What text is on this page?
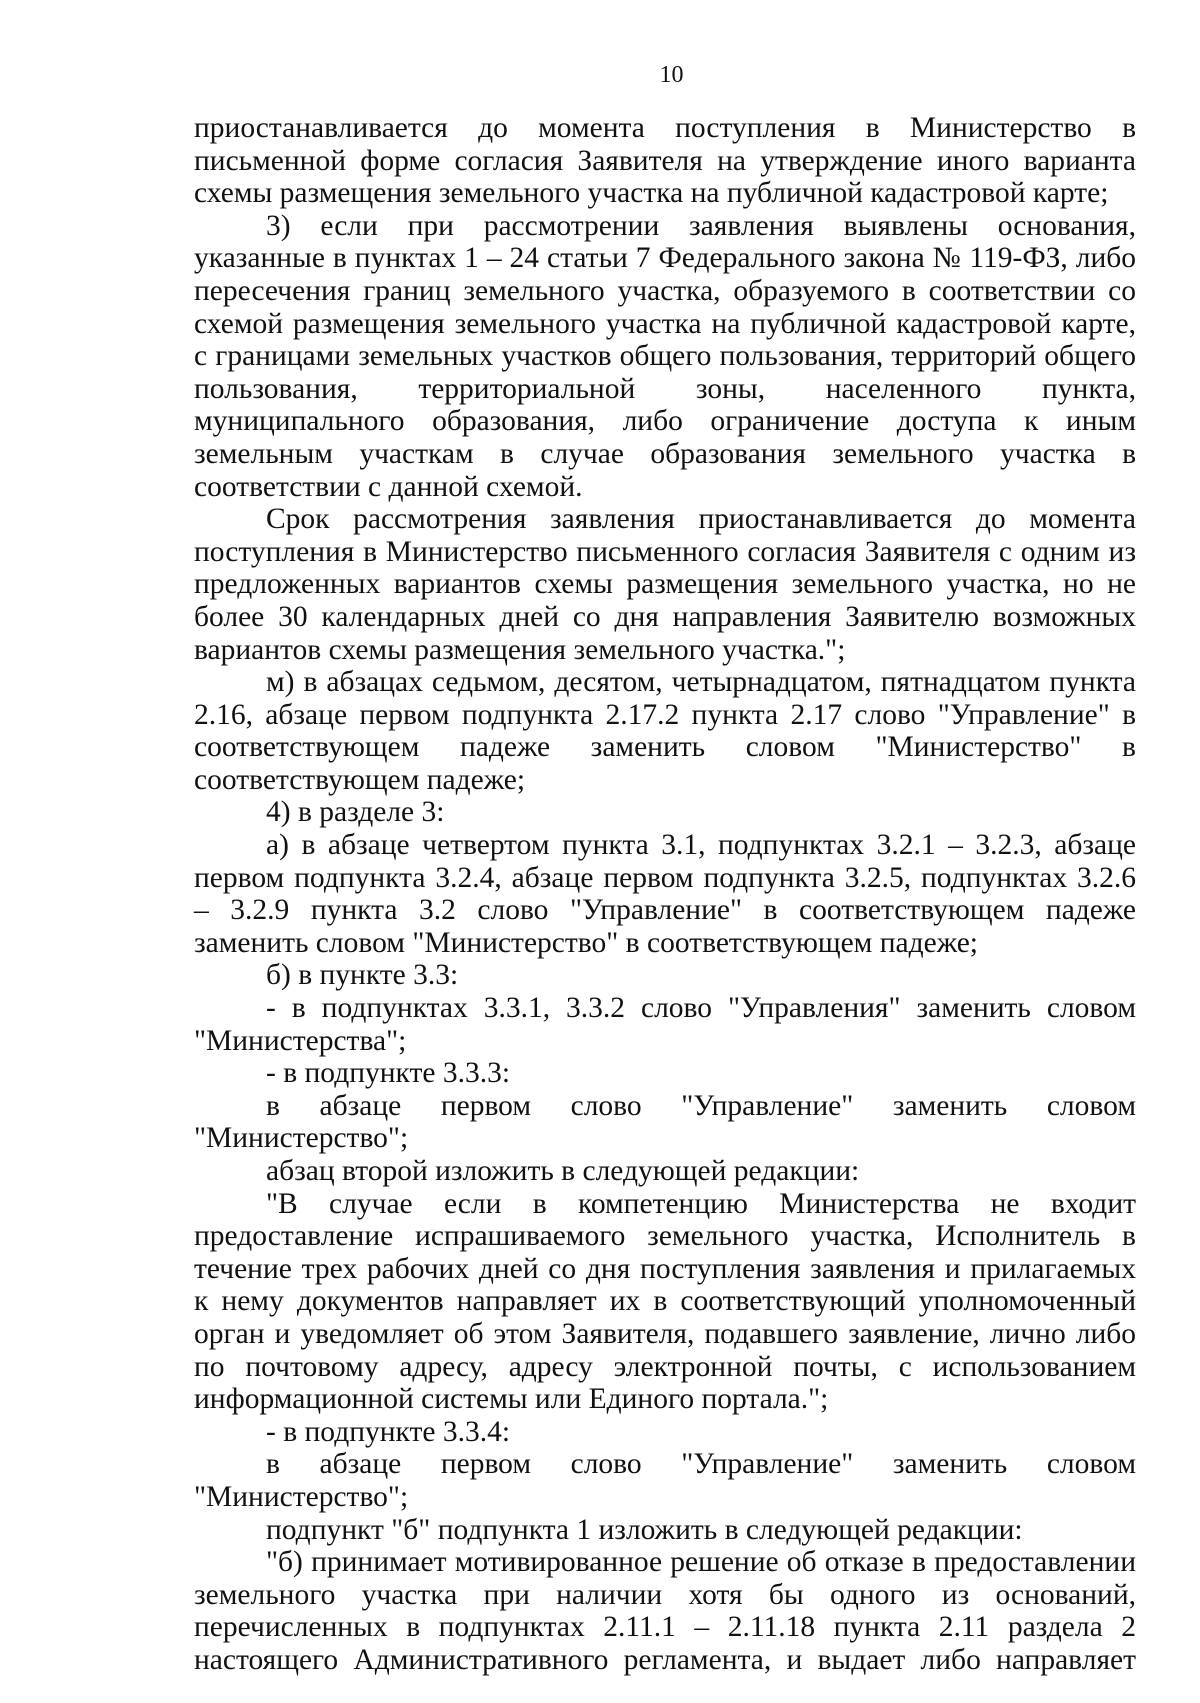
10

приостанавливается до момента поступления в Министерство в письменной форме согласия Заявителя на утверждение иного варианта схемы размещения земельного участка на публичной кадастровой карте;

3) если при рассмотрении заявления выявлены основания, указанные в пунктах 1 – 24 статьи 7 Федерального закона № 119-ФЗ, либо пересечения границ земельного участка, образуемого в соответствии со схемой размещения земельного участка на публичной кадастровой карте, с границами земельных участков общего пользования, территорий общего пользования, территориальной зоны, населенного пункта, муниципального образования, либо ограничение доступа к иным земельным участкам в случае образования земельного участка в соответствии с данной схемой.

Срок рассмотрения заявления приостанавливается до момента поступления в Министерство письменного согласия Заявителя с одним из предложенных вариантов схемы размещения земельного участка, но не более 30 календарных дней со дня направления Заявителю возможных вариантов схемы размещения земельного участка.";

м) в абзацах седьмом, десятом, четырнадцатом, пятнадцатом пункта 2.16, абзаце первом подпункта 2.17.2 пункта 2.17 слово "Управление" в соответствующем падеже заменить словом "Министерство" в соответствующем падеже;

4) в разделе 3:

а) в абзаце четвертом пункта 3.1, подпунктах 3.2.1 – 3.2.3, абзаце первом подпункта 3.2.4, абзаце первом подпункта 3.2.5, подпунктах 3.2.6 – 3.2.9 пункта 3.2 слово "Управление" в соответствующем падеже заменить словом "Министерство" в соответствующем падеже;

б) в пункте 3.3:

- в подпунктах 3.3.1, 3.3.2 слово "Управления" заменить словом "Министерства";

- в подпункте 3.3.3:

в абзаце первом слово "Управление" заменить словом "Министерство";

абзац второй изложить в следующей редакции:

"В случае если в компетенцию Министерства не входит предоставление испрашиваемого земельного участка, Исполнитель в течение трех рабочих дней со дня поступления заявления и прилагаемых к нему документов направляет их в соответствующий уполномоченный орган и уведомляет об этом Заявителя, подавшего заявление, лично либо по почтовому адресу, адресу электронной почты, с использованием информационной системы или Единого портала.";

- в подпункте 3.3.4:

в абзаце первом слово "Управление" заменить словом "Министерство";

подпункт "б" подпункта 1 изложить в следующей редакции:

"б) принимает мотивированное решение об отказе в предоставлении земельного участка при наличии хотя бы одного из оснований, перечисленных в подпунктах 2.11.1 – 2.11.18 пункта 2.11 раздела 2 настоящего Административного регламента, и выдает либо направляет
